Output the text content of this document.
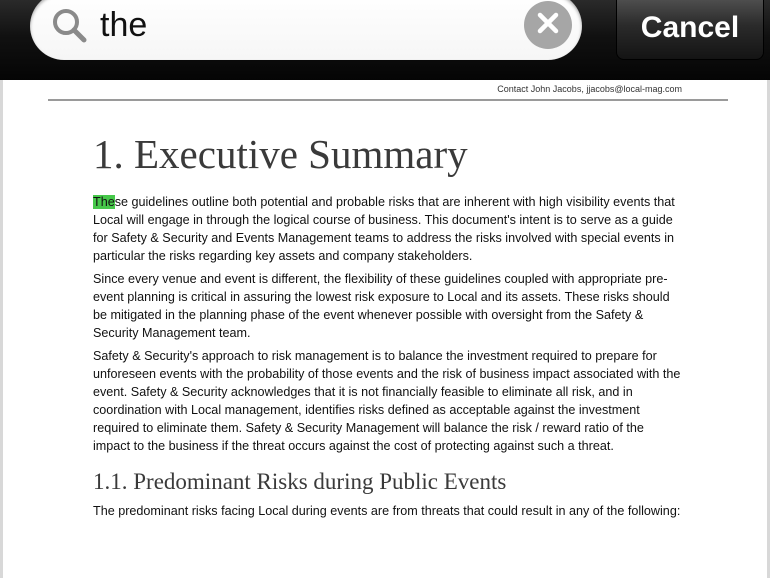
the	Cancel
Contact John Jacobs, jjacobs@local-mag.com
1. Executive Summary

These guidelines outline both potential and probable risks that are inherent with high visibility events that Local will engage in through the logical course of business. This document's intent is to serve as a guide for Safety & Security and Events Management teams to address the risks involved with special events in particular the risks regarding key assets and company stakeholders.

Since every venue and event is different, the flexibility of these guidelines coupled with appropriate pre-event planning is critical in assuring the lowest risk exposure to Local and its assets. These risks should be mitigated in the planning phase of the event whenever possible with oversight from the Safety & Security Management team.

Safety & Security's approach to risk management is to balance the investment required to prepare for unforeseen events with the probability of those events and the risk of business impact associated with the event. Safety & Security acknowledges that it is not financially feasible to eliminate all risk, and in coordination with Local management, identifies risks defined as acceptable against the investment required to eliminate them. Safety & Security Management will balance the risk / reward ratio of the impact to the business if the threat occurs against the cost of protecting against such a threat.

1.1. Predominant Risks during Public Events

The predominant risks facing Local during events are from threats that could result in any of the following:
